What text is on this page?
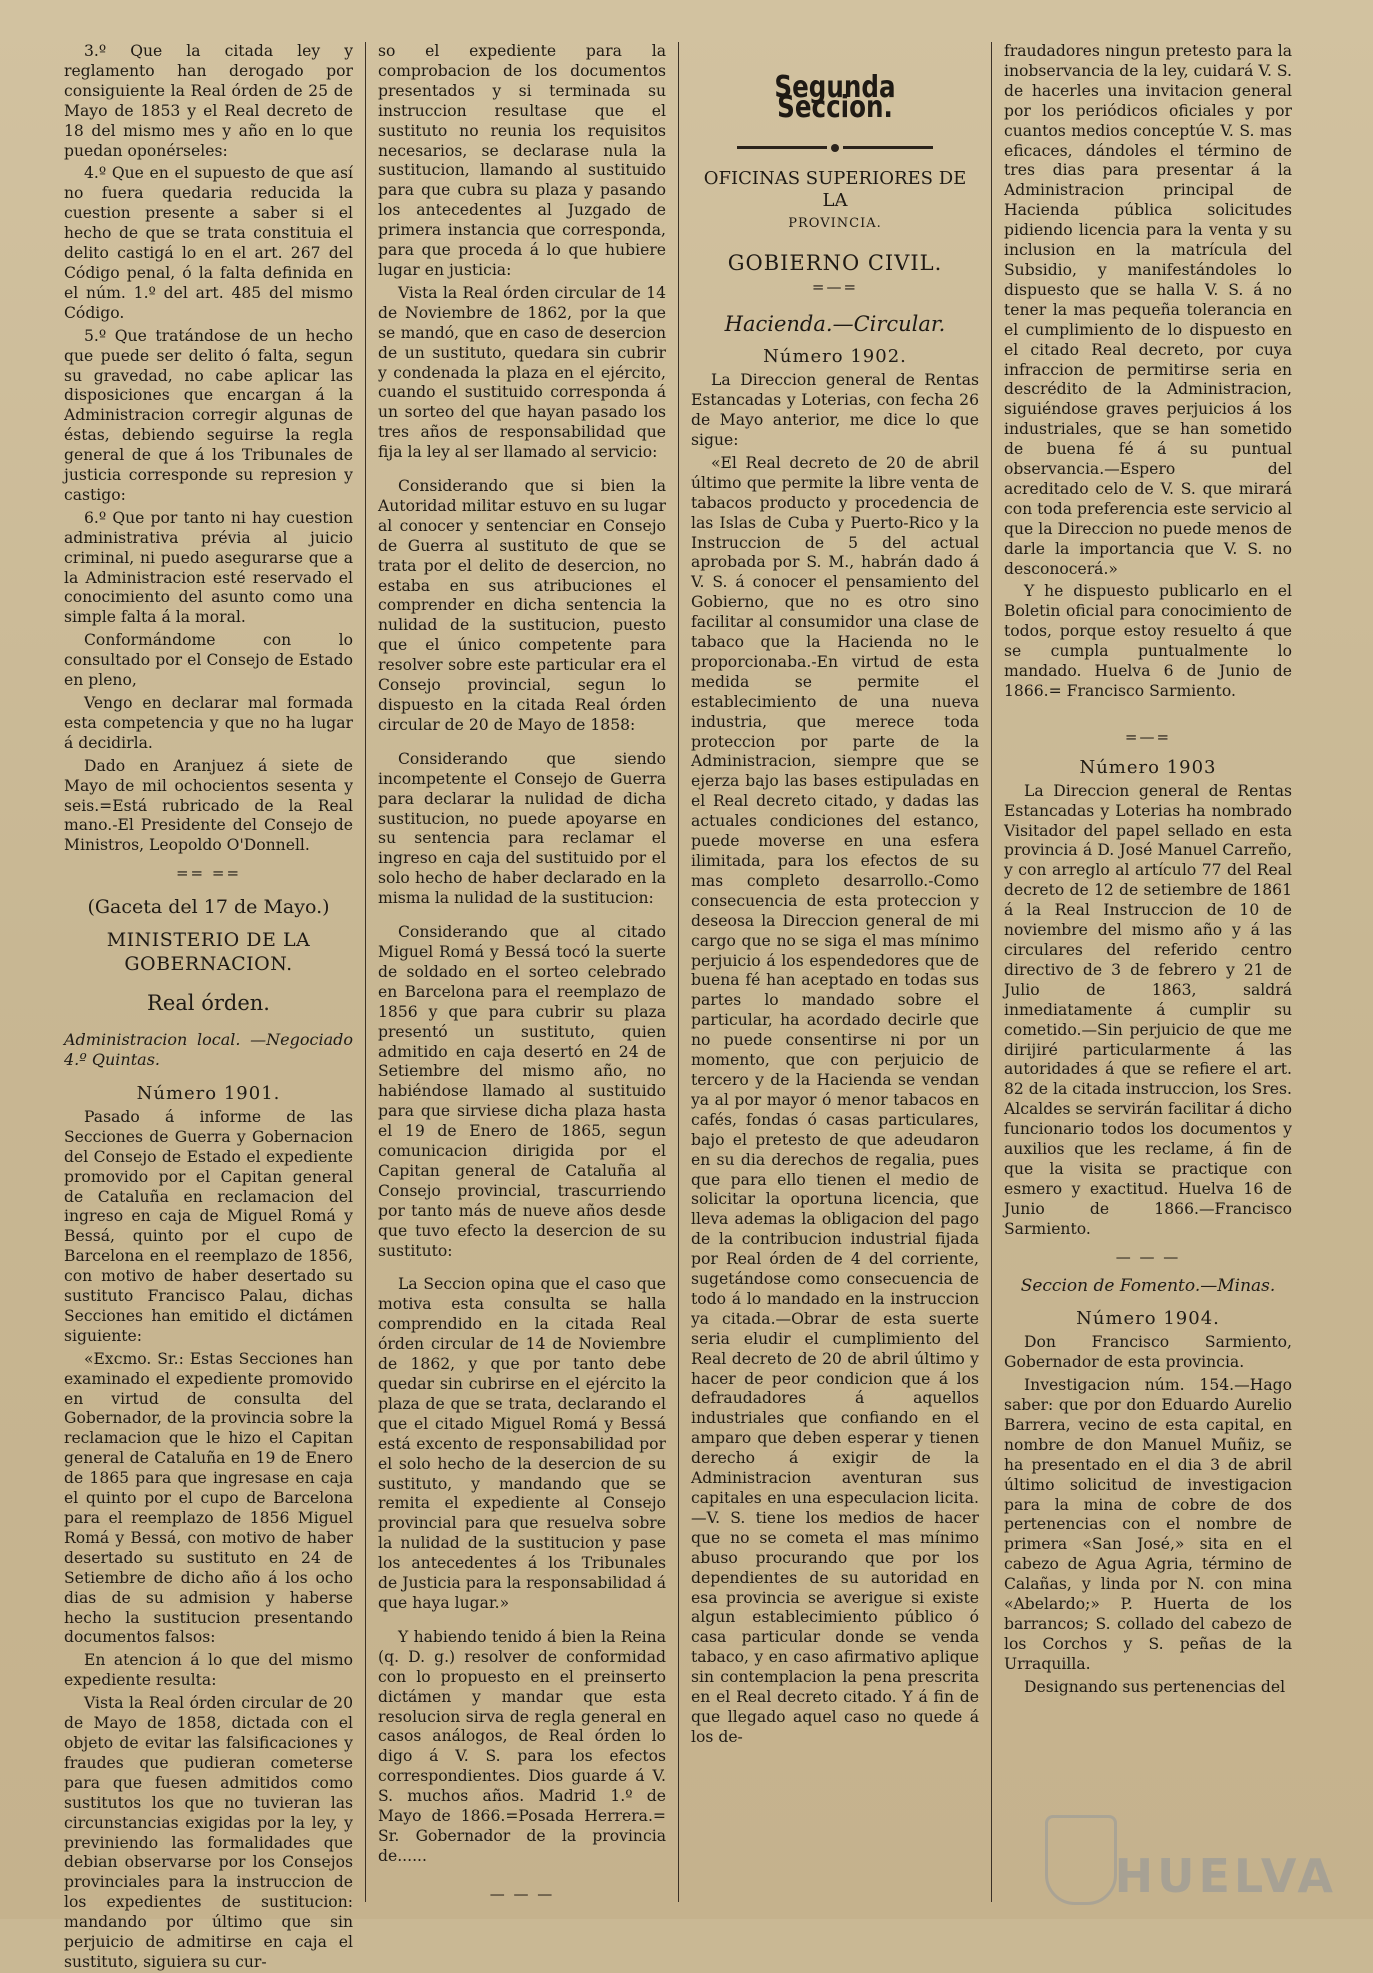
3.º Que la citada ley y reglamento han derogado por consiguiente la Real órden de 25 de Mayo de 1853 y el Real decreto de 18 del mismo mes y año en lo que puedan oponérseles:

4.º Que en el supuesto de que así no fuera quedaria reducida la cuestion presente a saber si el hecho de que se trata constituia el delito castigá lo en el art. 267 del Código penal, ó la falta definida en el núm. 1.º del art. 485 del mismo Código.

5.º Que tratándose de un hecho que puede ser delito ó falta, segun su gravedad, no cabe aplicar las disposiciones que encargan á la Administracion corregir algunas de éstas, debiendo seguirse la regla general de que á los Tribunales de justicia corresponde su represion y castigo:

6.º Que por tanto ni hay cuestion administrativa prévia al juicio criminal, ni puedo asegurarse que a la Administracion esté reservado el conocimiento del asunto como una simple falta á la moral.

Conformándome con lo consultado por el Consejo de Estado en pleno,

Vengo en declarar mal formada esta competencia y que no ha lugar á decidirla.

Dado en Aranjuez á siete de Mayo de mil ochocientos sesenta y seis.=Está rubricado de la Real mano.-El Presidente del Consejo de Ministros, Leopoldo O'Donnell.

== ==
(Gaceta del 17 de Mayo.)
MINISTERIO DE LA GOBERNACION.
Real órden.
Administracion local. —Negociado 4.º Quintas.
Número 1901.

Pasado á informe de las Secciones de Guerra y Gobernacion del Consejo de Estado el expediente promovido por el Capitan general de Cataluña en reclamacion del ingreso en caja de Miguel Romá y Bessá, quinto por el cupo de Barcelona en el reemplazo de 1856, con motivo de haber desertado su sustituto Francisco Palau, dichas Secciones han emitido el dictámen siguiente:

«Excmo. Sr.: Estas Secciones han examinado el expediente promovido en virtud de consulta del Gobernador, de la provincia sobre la reclamacion que le hizo el Capitan general de Cataluña en 19 de Enero de 1865 para que ingresase en caja el quinto por el cupo de Barcelona para el reemplazo de 1856 Miguel Romá y Bessá, con motivo de haber desertado su sustituto en 24 de Setiembre de dicho año á los ocho dias de su admision y haberse hecho la sustitucion presentando documentos falsos:

En atencion á lo que del mismo expediente resulta:

Vista la Real órden circular de 20 de Mayo de 1858, dictada con el objeto de evitar las falsificaciones y fraudes que pudieran cometerse para que fuesen admitidos como sustitutos los que no tuvieran las circunstancias exigidas por la ley, y previniendo las formalidades que debian observarse por los Consejos provinciales para la instruccion de los expedientes de sustitucion: mandando por último que sin perjuicio de admitirse en caja el sustituto, siguiera su cur-

so el expediente para la comprobacion de los documentos presentados y si terminada su instruccion resultase que el sustituto no reunia los requisitos necesarios, se declarase nula la sustitucion, llamando al sustituido para que cubra su plaza y pasando los antecedentes al Juzgado de primera instancia que corresponda, para que proceda á lo que hubiere lugar en justicia:

Vista la Real órden circular de 14 de Noviembre de 1862, por la que se mandó, que en caso de desercion de un sustituto, quedara sin cubrir y condenada la plaza en el ejército, cuando el sustituido corresponda á un sorteo del que hayan pasado los tres años de responsabilidad que fija la ley al ser llamado al servicio:

Considerando que si bien la Autoridad militar estuvo en su lugar al conocer y sentenciar en Consejo de Guerra al sustituto de que se trata por el delito de desercion, no estaba en sus atribuciones el comprender en dicha sentencia la nulidad de la sustitucion, puesto que el único competente para resolver sobre este particular era el Consejo provincial, segun lo dispuesto en la citada Real órden circular de 20 de Mayo de 1858:

Considerando que siendo incompetente el Consejo de Guerra para declarar la nulidad de dicha sustitucion, no puede apoyarse en su sentencia para reclamar el ingreso en caja del sustituido por el solo hecho de haber declarado en la misma la nulidad de la sustitucion:

Considerando que al citado Miguel Romá y Bessá tocó la suerte de soldado en el sorteo celebrado en Barcelona para el reemplazo de 1856 y que para cubrir su plaza presentó un sustituto, quien admitido en caja desertó en 24 de Setiembre del mismo año, no habiéndose llamado al sustituido para que sirviese dicha plaza hasta el 19 de Enero de 1865, segun comunicacion dirigida por el Capitan general de Cataluña al Consejo provincial, trascurriendo por tanto más de nueve años desde que tuvo efecto la desercion de su sustituto:

La Seccion opina que el caso que motiva esta consulta se halla comprendido en la citada Real órden circular de 14 de Noviembre de 1862, y que por tanto debe quedar sin cubrirse en el ejército la plaza de que se trata, declarando el que el citado Miguel Romá y Bessá está excento de responsabilidad por el solo hecho de la desercion de su sustituto, y mandando que se remita el expediente al Consejo provincial para que resuelva sobre la nulidad de la sustitucion y pase los antecedentes á los Tribunales de Justicia para la responsabilidad á que haya lugar.»

Y habiendo tenido á bien la Reina (q. D. g.) resolver de conformidad con lo propuesto en el preinserto dictámen y mandar que esta resolucion sirva de regla general en casos análogos, de Real órden lo digo á V. S. para los efectos correspondientes. Dios guarde á V. S. muchos años. Madrid 1.º de Mayo de 1866.=Posada Herrera.= Sr. Gobernador de la provincia de......

— — —
Segunda Seccion.
OFICINAS SUPERIORES DE LA
PROVINCIA.
GOBIERNO CIVIL.
=—=
Hacienda.—Circular.
Número 1902.

La Direccion general de Rentas Estancadas y Loterias, con fecha 26 de Mayo anterior, me dice lo que sigue:

«El Real decreto de 20 de abril último que permite la libre venta de tabacos producto y procedencia de las Islas de Cuba y Puerto-Rico y la Instruccion de 5 del actual aprobada por S. M., habrán dado á V. S. á conocer el pensamiento del Gobierno, que no es otro sino facilitar al consumidor una clase de tabaco que la Hacienda no le proporcionaba.-En virtud de esta medida se permite el establecimiento de una nueva industria, que merece toda proteccion por parte de la Administracion, siempre que se ejerza bajo las bases estipuladas en el Real decreto citado, y dadas las actuales condiciones del estanco, puede moverse en una esfera ilimitada, para los efectos de su mas completo desarrollo.-Como consecuencia de esta proteccion y deseosa la Direccion general de mi cargo que no se siga el mas mínimo perjuicio á los espendedores que de buena fé han aceptado en todas sus partes lo mandado sobre el particular, ha acordado decirle que no puede consentirse ni por un momento, que con perjuicio de tercero y de la Hacienda se vendan ya al por mayor ó menor tabacos en cafés, fondas ó casas particulares, bajo el pretesto de que adeudaron en su dia derechos de regalia, pues que para ello tienen el medio de solicitar la oportuna licencia, que lleva ademas la obligacion del pago de la contribucion industrial fijada por Real órden de 4 del corriente, sugetándose como consecuencia de todo á lo mandado en la instruccion ya citada.—Obrar de esta suerte seria eludir el cumplimiento del Real decreto de 20 de abril último y hacer de peor condicion que á los defraudadores á aquellos industriales que confiando en el amparo que deben esperar y tienen derecho á exigir de la Administracion aventuran sus capitales en una especulacion licita.—V. S. tiene los medios de hacer que no se cometa el mas mínimo abuso procurando que por los dependientes de su autoridad en esa provincia se averigue si existe algun establecimiento público ó casa particular donde se venda tabaco, y en caso afirmativo aplique sin contemplacion la pena prescrita en el Real decreto citado. Y á fin de que llegado aquel caso no quede á los de-

fraudadores ningun pretesto para la inobservancia de la ley, cuidará V. S. de hacerles una invitacion general por los periódicos oficiales y por cuantos medios conceptúe V. S. mas eficaces, dándoles el término de tres dias para presentar á la Administracion principal de Hacienda pública solicitudes pidiendo licencia para la venta y su inclusion en la matrícula del Subsidio, y manifestándoles lo dispuesto que se halla V. S. á no tener la mas pequeña tolerancia en el cumplimiento de lo dispuesto en el citado Real decreto, por cuya infraccion de permitirse seria en descrédito de la Administracion, siguiéndose graves perjuicios á los industriales, que se han sometido de buena fé á su puntual observancia.—Espero del acreditado celo de V. S. que mirará con toda preferencia este servicio al que la Direccion no puede menos de darle la importancia que V. S. no desconocerá.»

Y he dispuesto publicarlo en el Boletin oficial para conocimiento de todos, porque estoy resuelto á que se cumpla puntualmente lo mandado. Huelva 6 de Junio de 1866.= Francisco Sarmiento.

=—=
Número 1903

La Direccion general de Rentas Estancadas y Loterias ha nombrado Visitador del papel sellado en esta provincia á D. José Manuel Carreño, y con arreglo al artículo 77 del Real decreto de 12 de setiembre de 1861 á la Real Instruccion de 10 de noviembre del mismo año y á las circulares del referido centro directivo de 3 de febrero y 21 de Julio de 1863, saldrá inmediatamente á cumplir su cometido.—Sin perjuicio de que me dirijiré particularmente á las autoridades á que se refiere el art. 82 de la citada instruccion, los Sres. Alcaldes se servirán facilitar á dicho funcionario todos los documentos y auxilios que les reclame, á fin de que la visita se practique con esmero y exactitud. Huelva 16 de Junio de 1866.—Francisco Sarmiento.

— — —
Seccion de Fomento.—Minas.
Número 1904.

Don Francisco Sarmiento, Gobernador de esta provincia.

Investigacion núm. 154.—Hago saber: que por don Eduardo Aurelio Barrera, vecino de esta capital, en nombre de don Manuel Muñiz, se ha presentado en el dia 3 de abril último solicitud de investigacion para la mina de cobre de dos pertenencias con el nombre de primera «San José,» sita en el cabezo de Agua Agria, término de Calañas, y linda por N. con mina «Abelardo;» P. Huerta de los barrancos; S. collado del cabezo de los Corchos y S. peñas de la Urraquilla.

Designando sus pertenencias del

HUELVA
